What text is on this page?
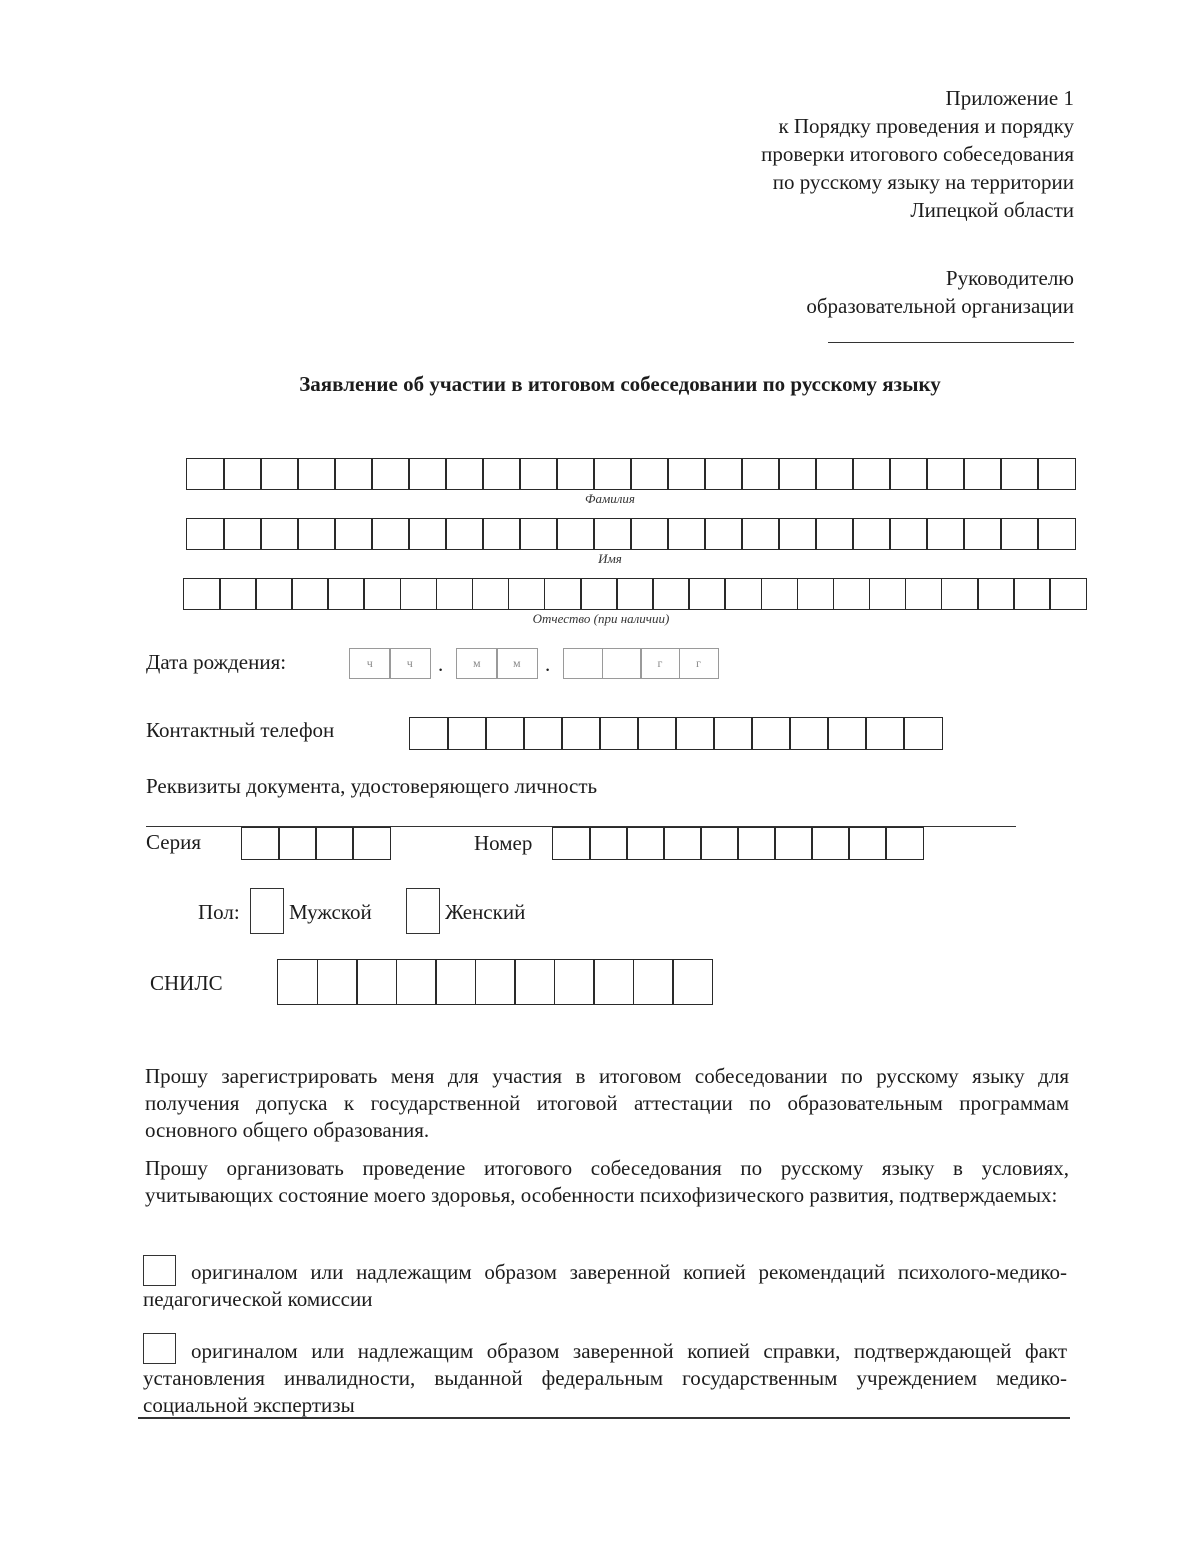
Приложение 1
к Порядку проведения и порядку
проверки итогового собеседования
по русскому языку на территории
Липецкой области
Руководителю
образовательной организации
Заявление об участии в итоговом собеседовании по русскому языку
Фамилия
Имя
Отчество (при наличии)
Дата рождения:	ч	ч	.	м	м	.	г	г
Контактный телефон
Реквизиты документа, удостоверяющего личность
Серия	Номер
Пол: Мужской	Женский
СНИЛС
Прошу зарегистрировать меня для участия в итоговом собеседовании по русскому языку для получения допуска к государственной итоговой аттестации по образовательным программам основного общего образования.
Прошу организовать проведение итогового собеседования по русскому языку в условиях, учитывающих состояние моего здоровья, особенности психофизического развития, подтверждаемых:
оригиналом или надлежащим образом заверенной копией рекомендаций психолого-медико-педагогической комиссии
оригиналом или надлежащим образом заверенной копией справки, подтверждающей факт установления инвалидности, выданной федеральным государственным учреждением медико-социальной экспертизы
